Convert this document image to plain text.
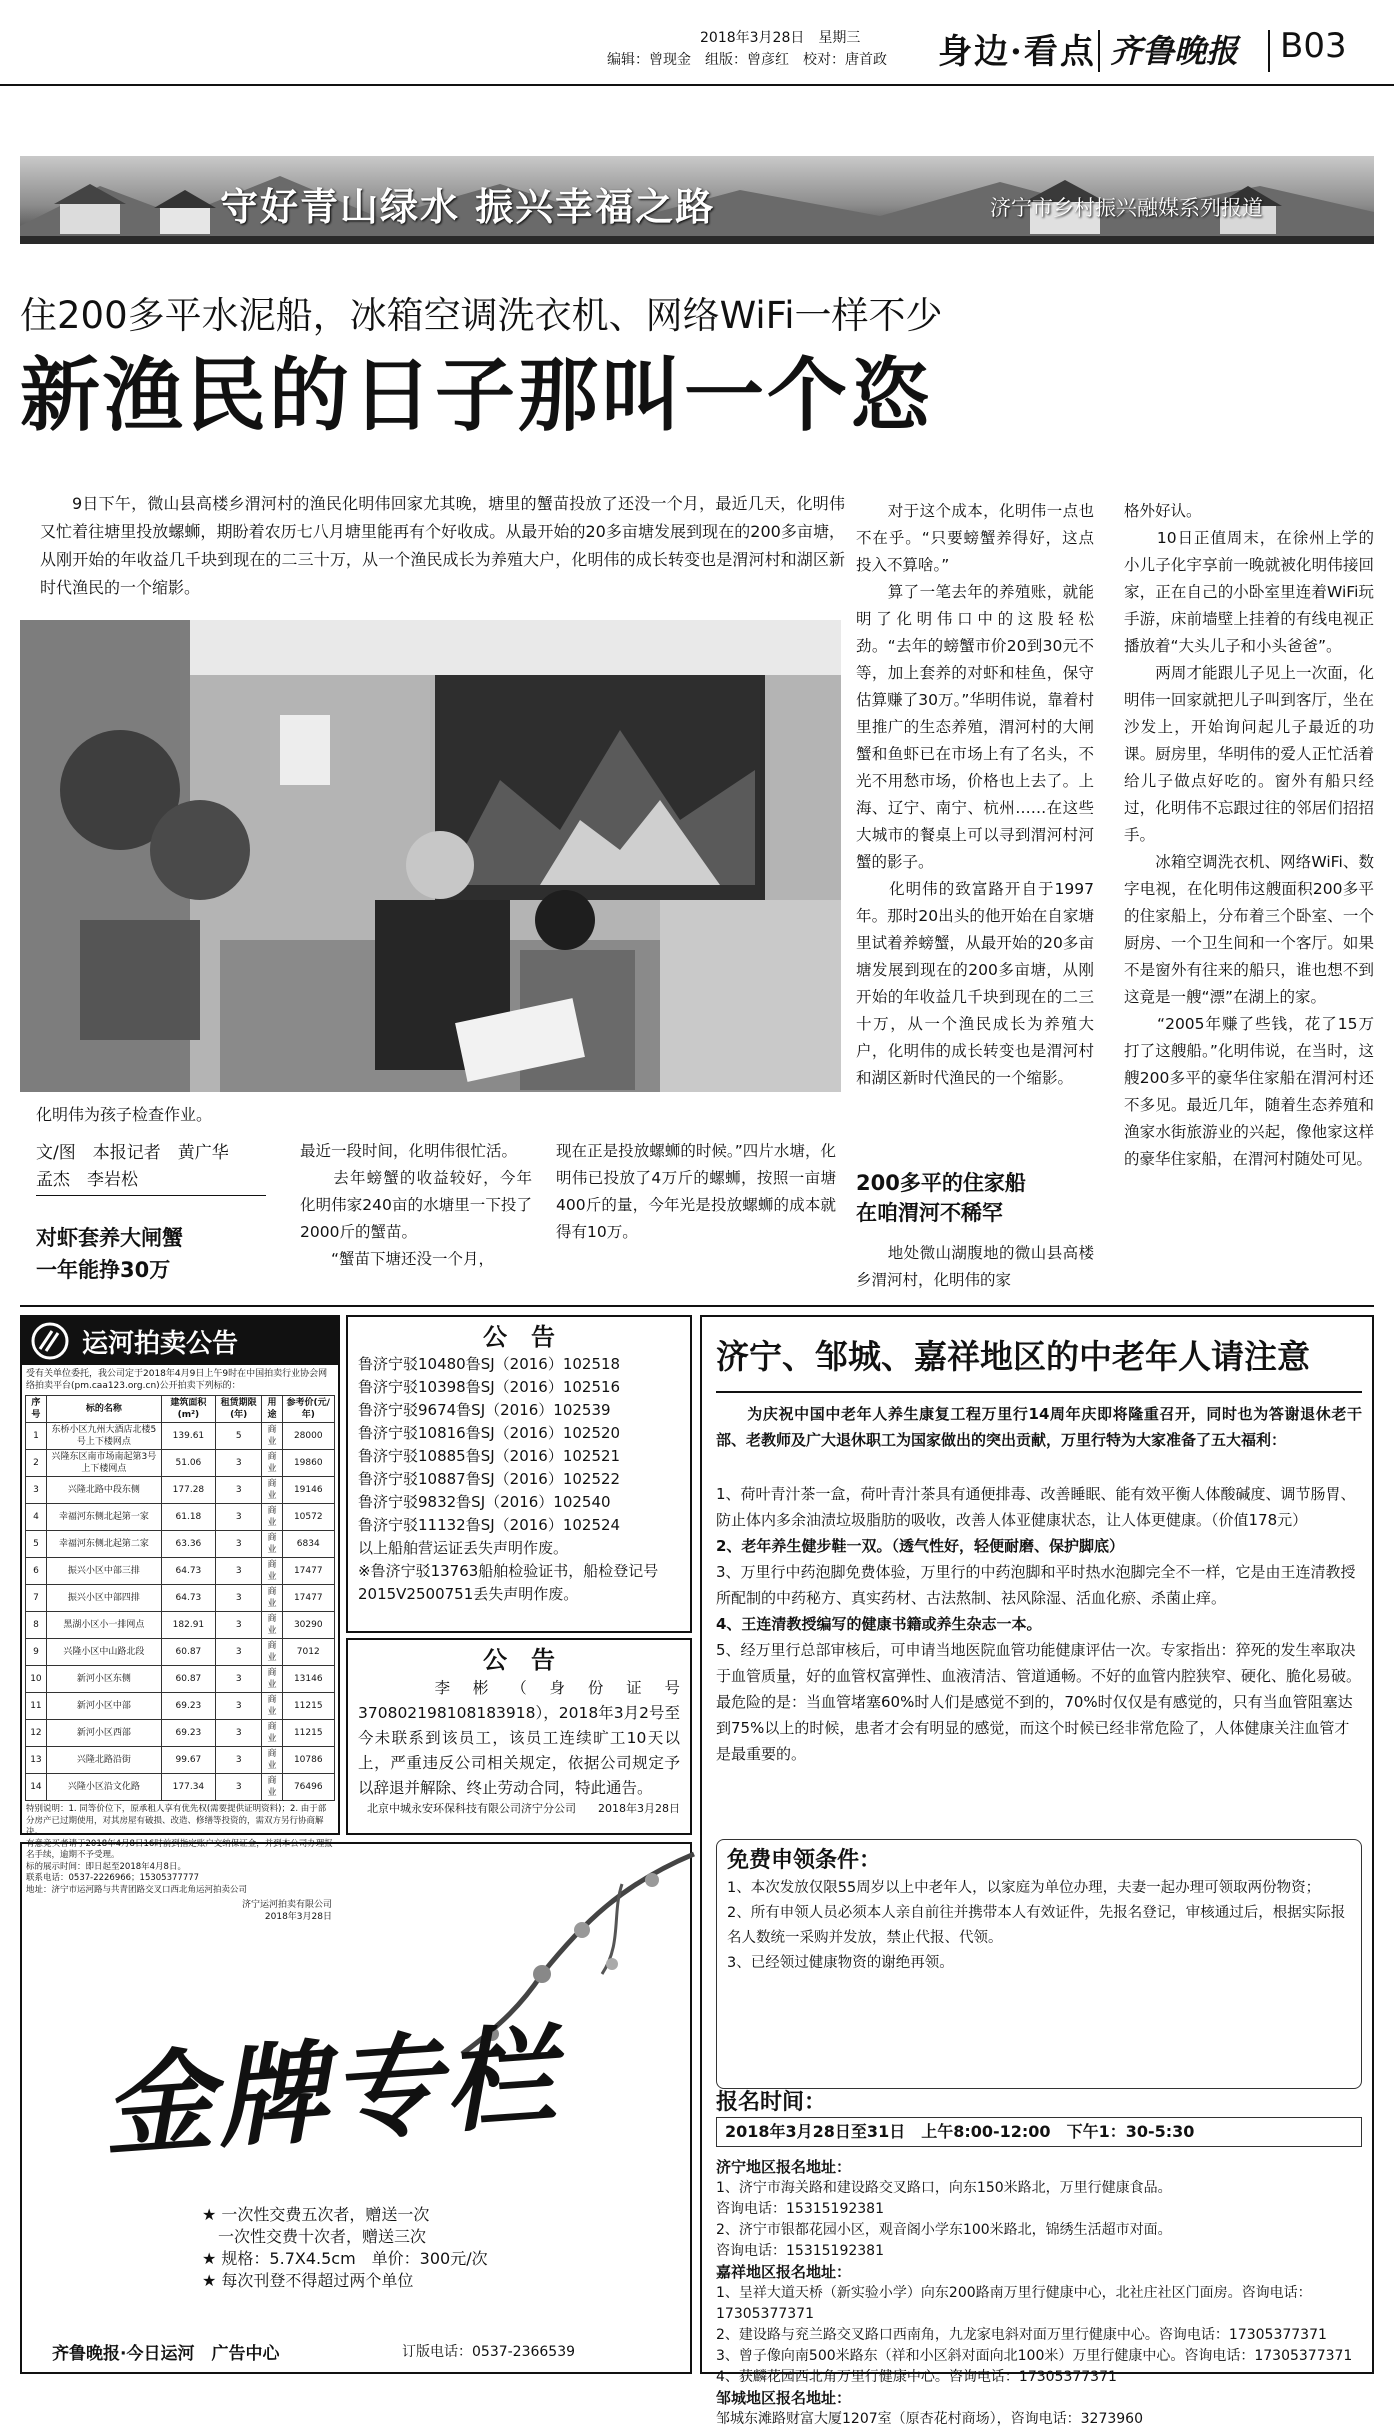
2018年3月28日　星期三
编辑：曾现金　组版：曾彦红　校对：唐首政	身边·看点 齐鲁晚报 B03
守好青山绿水 振兴幸福之路	济宁市乡村振兴融媒系列报道
住200多平水泥船，冰箱空调洗衣机、网络WiFi一样不少
新渔民的日子那叫一个恣
9日下午，微山县高楼乡渭河村的渔民化明伟回家尤其晚，塘里的蟹苗投放了还没一个月，最近几天，化明伟又忙着往塘里投放螺蛳，期盼着农历七八月塘里能再有个好收成。从最开始的20多亩塘发展到现在的200多亩塘，从刚开始的年收益几千块到现在的二三十万，从一个渔民成长为养殖大户，化明伟的成长转变也是渭河村和湖区新时代渔民的一个缩影。
化明伟为孩子检查作业。
文/图　本报记者　黄广华
孟杰　李岩松
对虾套养大闸蟹
一年能挣30万
最近一段时间，化明伟很忙活。
　　去年螃蟹的收益较好，今年化明伟家240亩的水塘里一下投了2000斤的蟹苗。
　　“蟹苗下塘还没一个月，
现在正是投放螺蛳的时候。”四片水塘，化明伟已投放了4万斤的螺蛳，按照一亩塘400斤的量，今年光是投放螺蛳的成本就得有10万。
　　对于这个成本，化明伟一点也不在乎。“只要螃蟹养得好，这点投入不算啥。”
　　算了一笔去年的养殖账，就能明了化明伟口中的这股轻松劲。“去年的螃蟹市价20到30元不等，加上套养的对虾和桂鱼，保守估算赚了30万。”华明伟说，靠着村里推广的生态养殖，渭河村的大闸蟹和鱼虾已在市场上有了名头，不光不用愁市场，价格也上去了。上海、辽宁、南宁、杭州……在这些大城市的餐桌上可以寻到渭河村河蟹的影子。
　　化明伟的致富路开自于1997年。那时20出头的他开始在自家塘里试着养螃蟹，从最开始的20多亩塘发展到现在的200多亩塘，从刚开始的年收益几千块到现在的二三十万，从一个渔民成长为养殖大户，化明伟的成长转变也是渭河村和湖区新时代渔民的一个缩影。
200多平的住家船
在咱渭河不稀罕
　　地处微山湖腹地的微山县高楼乡渭河村，化明伟的家
格外好认。
　　10日正值周末，在徐州上学的小儿子化宇享前一晚就被化明伟接回家，正在自己的小卧室里连着WiFi玩手游，床前墙壁上挂着的有线电视正播放着“大头儿子和小头爸爸”。
　　两周才能跟儿子见上一次面，化明伟一回家就把儿子叫到客厅，坐在沙发上，开始询问起儿子最近的功课。厨房里，华明伟的爱人正忙活着给儿子做点好吃的。窗外有船只经过，化明伟不忘跟过往的邻居们招招手。
　　冰箱空调洗衣机、网络WiFi、数字电视，在化明伟这艘面积200多平的住家船上，分布着三个卧室、一个厨房、一个卫生间和一个客厅。如果不是窗外有往来的船只，谁也想不到这竟是一艘“漂”在湖上的家。
　　“2005年赚了些钱，花了15万打了这艘船。”化明伟说，在当时，这艘200多平的豪华住家船在渭河村还不多见。最近几年，随着生态养殖和渔家水街旅游业的兴起，像他家这样的豪华住家船，在渭河村随处可见。
运河拍卖公告
受有关单位委托，我公司定于2018年4月9日上午9时在中国拍卖行业协会网络拍卖平台(pm.caa123.org.cn)公开拍卖下列标的：
序号	标的名称	建筑面积(m²)	租赁期限(年)	用途	参考价(元/年)
1	东桥小区九州大酒店北楼5号上下楼网点	139.61	5	商业	28000
2	兴隆东区南市场南起第3号上下楼网点	51.06	3	商业	19860
3	兴隆北路中段东侧	177.28	3	商业	19146
4	幸福河东侧北起第一家	61.18	3	商业	10572
5	幸福河东侧北起第二家	63.36	3	商业	6834
6	振兴小区中部三排	64.73	3	商业	17477
7	振兴小区中部四排	64.73	3	商业	17477
8	黑湖小区小一排网点	182.91	3	商业	30290
9	兴隆小区中山路北段	60.87	3	商业	7012
10	新河小区东侧	60.87	3	商业	13146
11	新河小区中部	69.23	3	商业	11215
12	新河小区西部	69.23	3	商业	11215
13	兴隆北路沿街	99.67	3	商业	10786
14	兴隆小区沿文化路	177.34	3	商业	76496
特别说明：1. 同等价位下，原承租人享有优先权(需要提供证明资料)；2. 由于部分房产已过期使用，对其房屋有破损、改造、修缮等投资的，需双方另行协商解决。
有意竞买者请于2018年4月8日16时前到指定账户交纳保证金，并到本公司办理报名手续，逾期不予受理。
标的展示时间：即日起至2018年4月8日。
联系电话：0537-2226966；15305377777
地址：济宁市运河路与共青团路交叉口西北角运河拍卖公司
济宁运河拍卖有限公司
2018年3月28日
公　告
鲁济宁驳10480鲁SJ（2016）102518
鲁济宁驳10398鲁SJ（2016）102516
鲁济宁驳9674鲁SJ（2016）102539
鲁济宁驳10816鲁SJ（2016）102520
鲁济宁驳10885鲁SJ（2016）102521
鲁济宁驳10887鲁SJ（2016）102522
鲁济宁驳9832鲁SJ（2016）102540
鲁济宁驳11132鲁SJ（2016）102524
以上船舶营运证丢失声明作废。
※鲁济宁驳13763船舶检验证书，船检登记号2015V2500751丢失声明作废。
公　告
　　李彬（身份证号370802198108183918），2018年3月2号至今未联系到该员工，该员工连续旷工10天以上，严重违反公司相关规定，依据公司规定予以辞退并解除、终止劳动合同，特此通告。
北京中城永安环保科技有限公司济宁分公司　　2018年3月28日
金牌专栏
★ 一次性交费五次者，赠送一次
　一次性交费十次者，赠送三次
★ 规格：5.7X4.5cm　单价：300元/次
★ 每次刊登不得超过两个单位
齐鲁晚报·今日运河　广告中心	订版电话：0537-2366539
济宁、邹城、嘉祥地区的中老年人请注意
　　为庆祝中国中老年人养生康复工程万里行14周年庆即将隆重召开，同时也为答谢退休老干部、老教师及广大退休职工为国家做出的突出贡献，万里行特为大家准备了五大福利：
1、荷叶青汁茶一盒，荷叶青汁茶具有通便排毒、改善睡眠、能有效平衡人体酸碱度、调节肠胃、防止体内多余油渍垃圾脂肪的吸收，改善人体亚健康状态，让人体更健康。（价值178元）
2、老年养生健步鞋一双。（透气性好，轻便耐磨、保护脚底）
3、万里行中药泡脚免费体验，万里行的中药泡脚和平时热水泡脚完全不一样，它是由王连清教授所配制的中药秘方、真实药材、古法熬制、祛风除湿、活血化瘀、杀菌止痒。
4、王连清教授编写的健康书籍或养生杂志一本。
5、经万里行总部审核后，可申请当地医院血管功能健康评估一次。专家指出：猝死的发生率取决于血管质量，好的血管权富弹性、血液清洁、管道通畅。不好的血管内腔狭窄、硬化、脆化易破。最危险的是：当血管堵塞60%时人们是感觉不到的，70%时仅仅是有感觉的，只有当血管阻塞达到75%以上的时候，患者才会有明显的感觉，而这个时候已经非常危险了，人体健康关注血管才是最重要的。
免费申领条件：
1、本次发放仅限55周岁以上中老年人，以家庭为单位办理，夫妻一起办理可领取两份物资；
2、所有申领人员必须本人亲自前往并携带本人有效证件，先报名登记，审核通过后，根据实际报名人数统一采购并发放，禁止代报、代领。
3、已经领过健康物资的谢绝再领。
报名时间：
2018年3月28日至31日　上午8:00-12:00　下午1：30-5:30
济宁地区报名地址：
1、济宁市海关路和建设路交叉路口，向东150米路北，万里行健康食品。
咨询电话：15315192381
2、济宁市银都花园小区，观音阁小学东100米路北，锦绣生活超市对面。
咨询电话：15315192381
嘉祥地区报名地址：
1、呈祥大道天桥（新实验小学）向东200路南万里行健康中心，北社庄社区门面房。咨询电话：17305377371
2、建设路与兖兰路交叉路口西南角，九龙家电斜对面万里行健康中心。咨询电话：17305377371
3、曾子像向南500米路东（祥和小区斜对面向北100米）万里行健康中心。咨询电话：17305377371
4、获麟花园西北角万里行健康中心。咨询电话：17305377371
邹城地区报名地址：
邹城东滩路财富大厦1207室（原杏花村商场），咨询电话：3273960
